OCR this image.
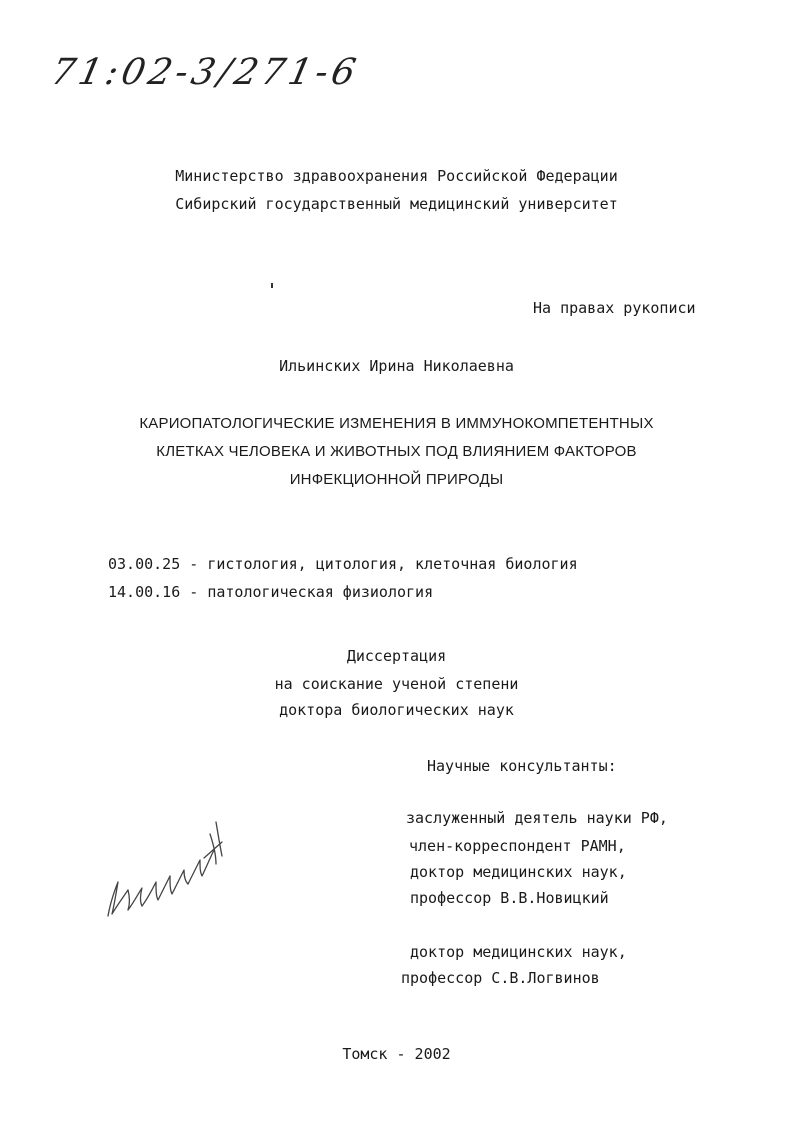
71:02-3/271-6
Министерство здравоохранения Российской Федерации
Сибирский государственный медицинский университет
На правах рукописи
Ильинских Ирина Николаевна
КАРИОПАТОЛОГИЧЕСКИЕ ИЗМЕНЕНИЯ В ИММУНОКОМПЕТЕНТНЫХ
КЛЕТКАХ ЧЕЛОВЕКА И ЖИВОТНЫХ ПОД ВЛИЯНИЕМ ФАКТОРОВ
ИНФЕКЦИОННОЙ ПРИРОДЫ
03.00.25 - гистология, цитология, клеточная биология
14.00.16 - патологическая физиология
Диссертация
на соискание ученой степени
доктора биологических наук
Научные консультанты:
заслуженный деятель науки РФ,
член-корреспондент РАМН,
доктор медицинских наук,
профессор В.В.Новицкий
доктор медицинских наук,
профессор С.В.Логвинов
Томск - 2002
